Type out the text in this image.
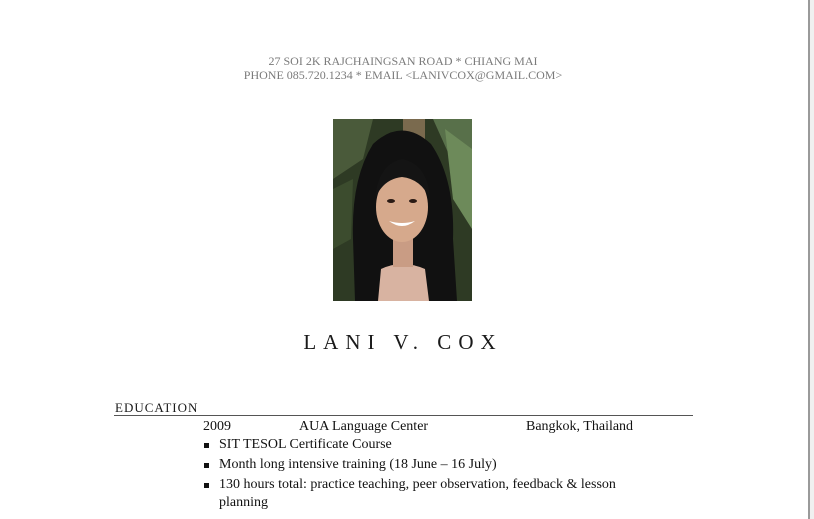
27 SOI 2K RAJCHAINGSAN ROAD * CHIANG MAI
PHONE 085.720.1234 * EMAIL <LANIVCOX@GMAIL.COM>
LANI V. COX
EDUCATION
2009	AUA Language Center	Bangkok, Thailand
SIT TESOL Certificate Course
Month long intensive training (18 June – 16 July)
130 hours total: practice teaching, peer observation, feedback & lesson planning
